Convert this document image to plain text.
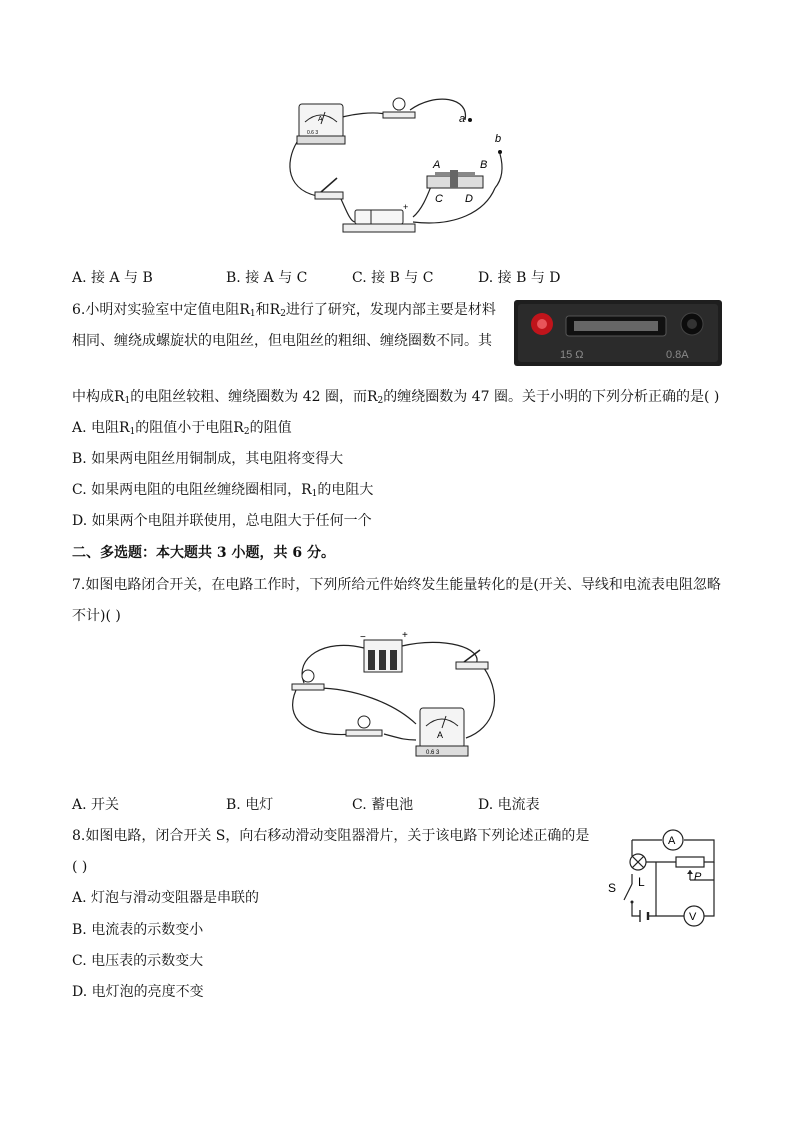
A
0.6 3
a
b
+
A	B
C D
A. 接 A 与 B	B. 接 A 与 C	C. 接 B 与 C	D. 接 B 与 D
6.小明对实验室中定值电阻$R_1$和$R_2$进行了研究，发现内部主要是材料
相同、缠绕成螺旋状的电阻丝，但电阻丝的粗细、缠绕圈数不同。其
15 Ω	0.8A
中构成$R_1$的电阻丝较粗、缠绕圈数为 42 圈，而$R_2$的缠绕圈数为 47 圈。关于小明的下列分析正确的是( )
A. 电阻$R_1$的阻值小于电阻$R_2$的阻值
B. 如果两电阻丝用铜制成，其电阻将变得大
C. 如果两电阻的电阻丝缠绕圈相同，$R_1$的电阻大
D. 如果两个电阻并联使用，总电阻大于任何一个
二、多选题：本大题共 3 小题，共 6 分。
7.如图电路闭合开关，在电路工作时，下列所给元件始终发生能量转化的是(开关、导线和电流表电阻忽略
不计)( )
−	+
A
0.6 3
A. 开关	B. 电灯	C. 蓄电池	D. 电流表
8.如图电路，闭合开关 S，向右移动滑动变阻器滑片，关于该电路下列论述正确的是
( )
A. 灯泡与滑动变阻器是串联的
B. 电流表的示数变小
C. 电压表的示数变大
D. 电灯泡的亮度不变
A
P
S L
V
